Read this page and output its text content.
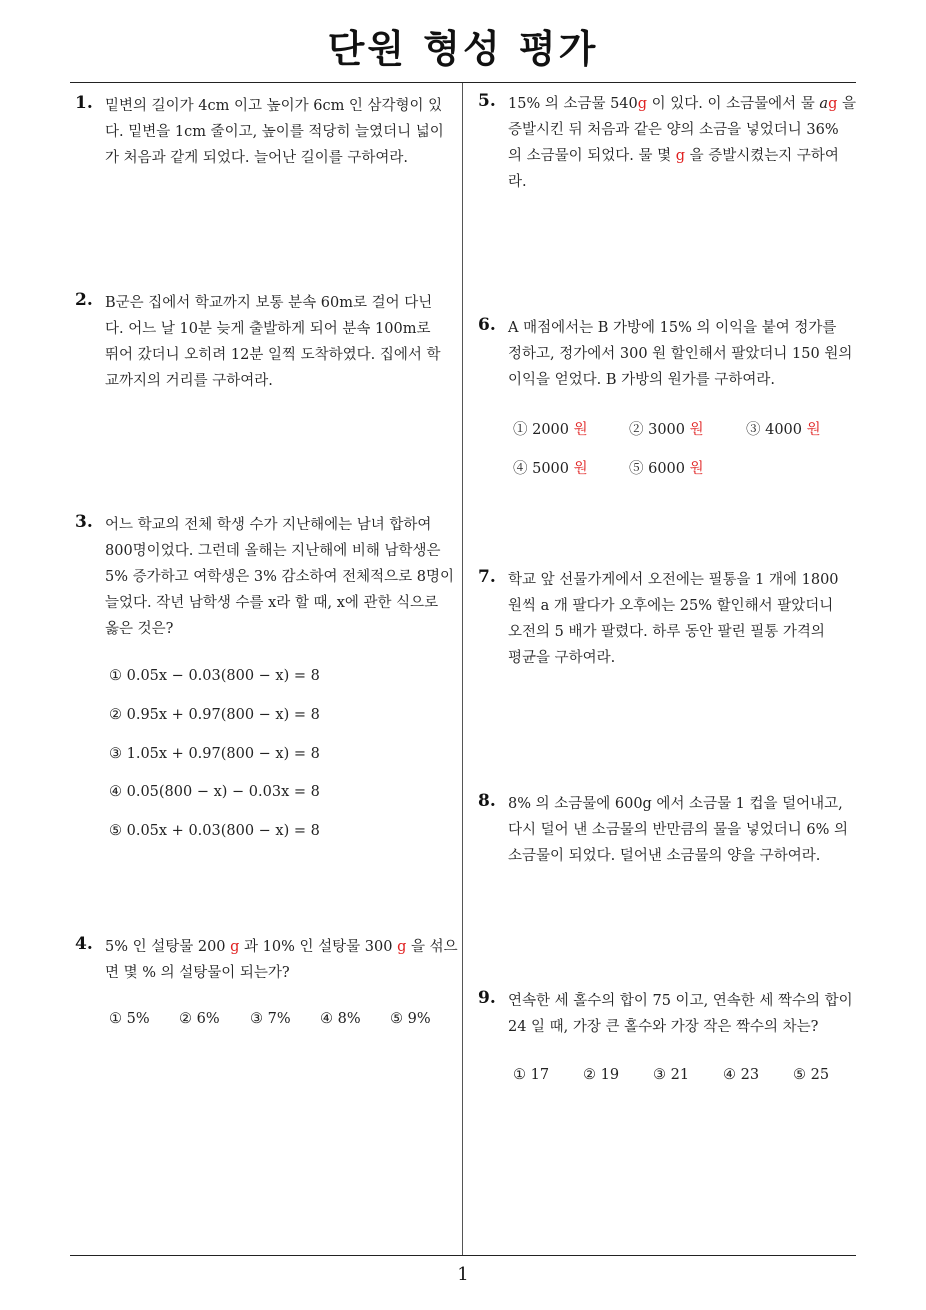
단원 형성 평가
1. 밑변의 길이가 4cm 이고 높이가 6cm 인 삼각형이 있
다. 밑변을 1cm 줄이고, 높이를 적당히 늘였더니 넓이
가 처음과 같게 되었다. 늘어난 길이를 구하여라.
2. B군은 집에서 학교까지 보통 분속 60m로 걸어 다닌
다. 어느 날 10분 늦게 출발하게 되어 분속 100m로
뛰어 갔더니 오히려 12분 일찍 도착하였다. 집에서 학
교까지의 거리를 구하여라.
3. 어느 학교의 전체 학생 수가 지난해에는 남녀 합하여
800명이었다. 그런데 올해는 지난해에 비해 남학생은
5% 증가하고 여학생은 3% 감소하여 전체적으로 8명이
늘었다. 작년 남학생 수를 x라 할 때, x에 관한 식으로
옳은 것은?
① 0.05x − 0.03(800 − x) = 8
② 0.95x + 0.97(800 − x) = 8
③ 1.05x + 0.97(800 − x) = 8
④ 0.05(800 − x) − 0.03x = 8
⑤ 0.05x + 0.03(800 − x) = 8
4. 5% 인 설탕물 200 g 과 10% 인 설탕물 300 g 을 섞으
면 몇 % 의 설탕물이 되는가?
① 5% ② 6% ③ 7% ④ 8% ⑤ 9%
5. 15% 의 소금물 540g 이 있다. 이 소금물에서 물 ag 을
증발시킨 뒤 처음과 같은 양의 소금을 넣었더니 36%
의 소금물이 되었다. 물 몇 g 을 증발시켰는지 구하여
라.
6. A 매점에서는 B 가방에 15% 의 이익을 붙여 정가를
정하고, 정가에서 300 원 할인해서 팔았더니 150 원의
이익을 얻었다. B 가방의 원가를 구하여라.
① 2000 원	② 3000 원	③ 4000 원
④ 5000 원	⑤ 6000 원
7. 학교 앞 선물가게에서 오전에는 필통을 1 개에 1800
원씩 a 개 팔다가 오후에는 25% 할인해서 팔았더니
오전의 5 배가 팔렸다. 하루 동안 팔린 필통 가격의
평균을 구하여라.
8. 8% 의 소금물에 600g 에서 소금물 1 컵을 덜어내고,
다시 덜어 낸 소금물의 반만큼의 물을 넣었더니 6% 의
소금물이 되었다. 덜어낸 소금물의 양을 구하여라.
9. 연속한 세 홀수의 합이 75 이고, 연속한 세 짝수의 합이
24 일 때, 가장 큰 홀수와 가장 작은 짝수의 차는?
① 17 ② 19 ③ 21 ④ 23 ⑤ 25
1
